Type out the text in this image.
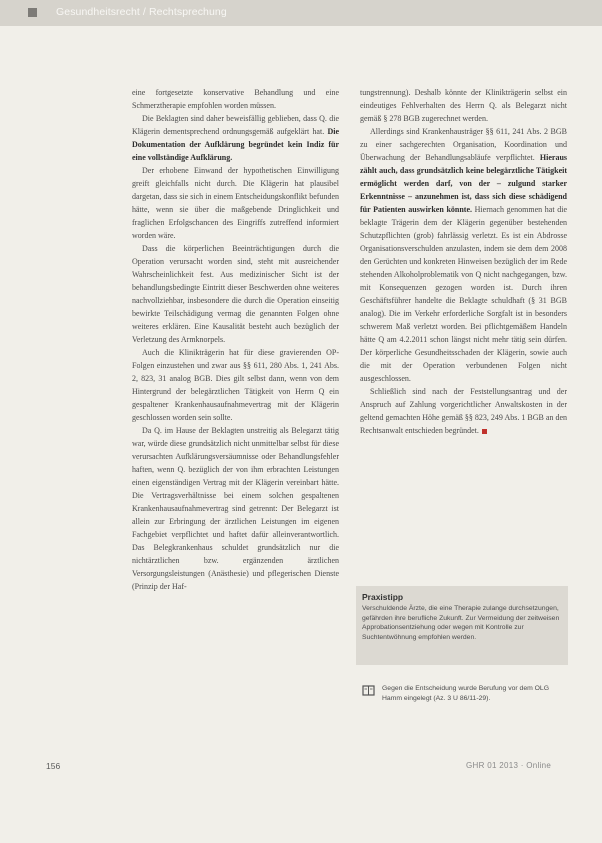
Gesundheitsrecht / Rechtsprechung

eine fortgesetzte konservative Behandlung und eine Schmerztherapie empfohlen worden müssen.

Die Beklagten sind daher beweisfällig geblieben, dass Q. die Klägerin dementsprechend ordnungsgemäß aufgeklärt hat. Die Dokumentation der Aufklärung begründet kein Indiz für eine vollständige Aufklärung.

Der erhobene Einwand der hypothetischen Einwilligung greift gleichfalls nicht durch. Die Klägerin hat plausibel dargetan, dass sie sich in einem Entscheidungskonflikt befunden hätte, wenn sie über die maßgebende Dringlichkeit und fraglichen Erfolgschancen des Eingriffs zutreffend informiert worden wäre.

Dass die körperlichen Beeinträchtigungen durch die Operation verursacht worden sind, steht mit ausreichender Wahrscheinlichkeit fest. Aus medizinischer Sicht ist der behandlungsbedingte Eintritt dieser Beschwerden ohne weiteres nachvollziehbar, insbesondere die durch die Operation einseitig bewirkte Teilschädigung vermag die genannten Folgen ohne weiteres erklären. Eine Kausalität besteht auch bezüglich der Verletzung des Armknorpels.

Auch die Klinikträgerin hat für diese gravierenden OP-Folgen einzustehen und zwar aus §§ 611, 280 Abs. 1, 241 Abs. 2, 823, 31 analog BGB. Dies gilt selbst dann, wenn von dem Hintergrund der belegärztlichen Tätigkeit von Herrn Q ein gespaltener Krankenhausaufnahmevertrag mit der Klägerin geschlossen worden sein sollte.

Da Q. im Hause der Beklagten unstreitig als Belegarzt tätig war, würde diese grundsätzlich nicht unmittelbar selbst für diese verursachten Aufklärungsversäumnisse oder Behandlungsfehler haften, wenn Q. bezüglich der von ihm erbrachten Leistungen einen eigenständigen Vertrag mit der Klägerin vereinbart hätte. Die Vertragsverhältnisse bei einem solchen gespaltenen Krankenhausaufnahmevertrag sind getrennt: Der Belegarzt ist allein zur Erbringung der ärztlichen Leistungen im eigenen Fachgebiet verpflichtet und haftet dafür alleinverantwortlich. Das Belegkrankenhaus schuldet grundsätzlich nur die nichtärztlichen bzw. ergänzenden ärztlichen Versorgungsleistungen (Anästhesie) und pflegerischen Dienste (Prinzip der Haf-

tungstrennung). Deshalb könnte der Klinikträgerin selbst ein eindeutiges Fehlverhalten des Herrn Q. als Belegarzt nicht gemäß § 278 BGB zugerechnet werden.

Allerdings sind Krankenhausträger §§ 611, 241 Abs. 2 BGB zu einer sachgerechten Organisation, Koordination und Überwachung der Behandlungsabläufe verpflichtet. Hieraus zählt auch, dass grundsätzlich keine belegärztliche Tätigkeit ermöglicht werden darf, von der – zulgund starker Erkenntnisse – anzunehmen ist, dass sich diese schädigend für Patienten auswirken könnte. Hiernach genommen hat die beklagte Trägerin dem der Klägerin gegenüber bestehenden Schutzpflichten (grob) fahrlässig verletzt. Es ist ein Abdrosse Organisationsverschulden anzulasten, indem sie dem dem 2008 den Gerüchten und konkreten Hinweisen bezüglich der im Rede stehenden Alkoholproblematik von Q nicht nachgegangen, bzw. mit Konsequenzen gezogen worden ist. Durch ihren Geschäftsführer handelte die Beklagte schuldhaft (§ 31 BGB analog). Die im Verkehr erforderliche Sorgfalt ist in besonders schwerem Maß verletzt worden. Bei pflichtgemäßem Handeln hätte Q am 4.2.2011 schon längst nicht mehr tätig sein dürfen. Der körperliche Gesundheitsschaden der Klägerin, sowie auch die mit der Operation verbundenen Folgen nicht ausgeschlossen.

Schließlich sind nach der Feststellungsantrag und der Anspruch auf Zahlung vorgerichtlicher Anwaltskosten in der geltend gemachten Höhe gemäß §§ 823, 249 Abs. 1 BGB an den Rechtsanwalt entschieden begründet.

Praxistipp
Verschuldende Ärzte, die eine Therapie zulange durchsetzungen, gefährden ihre berufliche Zukunft. Zur Vermeidung der zeitweisen Approbationsentziehung oder wegen mit Kontrolle zur Suchtentwöhnung empfohlen werden.
Gegen die Entscheidung wurde Berufung vor dem OLG Hamm eingelegt (Az. 3 U 86/11-29).
156	GHR 01 2013 · Online
